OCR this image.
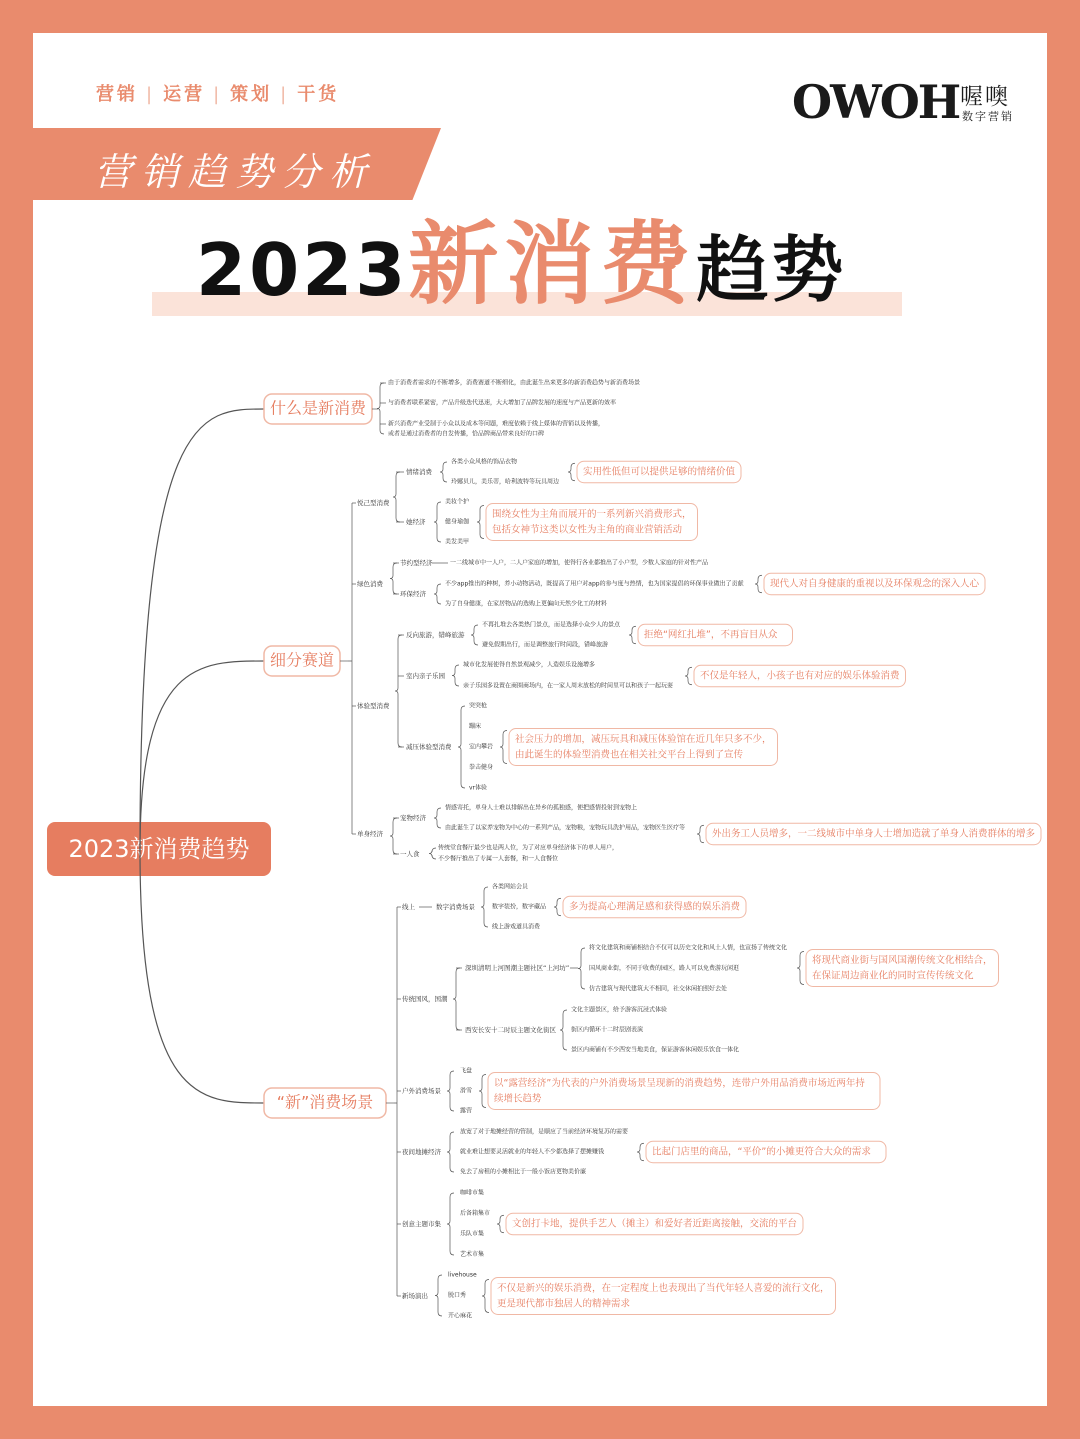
营销 | 运营 | 策划 | 干货	OWOH 喔噢
数字营销
营销趋势分析
2023新消费趋势
2023新消费趋势
什么是新消费
细分赛道
“新”消费场景
由于消费者需求的不断增多，消费赛道不断细化，由此诞生出来更多的新消费趋势与新消费场景
与消费者联系紧密，产品升级迭代迅速，大大增加了品牌发展的速度与产品更新的效率
新兴消费产业受制于小众以及成本等问题，难度依赖于线上媒体的营销以及传播，
或者是通过消费者的自发传播，恰品牌商品带来良好的口碑
悦己型消费
绿色消费
体验型消费
单身经济
情绪消费
各类小众风格的饰品衣物
玲娜贝儿，美乐蒂，哈利波特等玩具周边
实用性低但可以提供足够的情绪价值
她经济
美妆个护
健身瑜伽
美发美甲
围绕女性为主角而展开的一系列新兴消费形式，
包括女神节这类以女性为主角的商业营销活动
节约型经济	一二线城市中一人户，二人户家庭的增加，使得行各业都推出了小户型，少数人家庭的针对性产品
环保经济
不少app推出的种树，养小动物活动，既提高了用户对app的参与度与热情，也为国家提倡的环保事业做出了贡献
为了自身健康，在家居物品的选购上更偏向天然少化工的材料
现代人对自身健康的重视以及环保观念的深入人心
反向旅游，错峰旅游
不再扎堆去各类热门景点，而是选择小众少人的景点
避免假期出行，而是调整旅行时间段，错峰旅游
拒绝“网红扎堆”，不再盲目从众
室内亲子乐园
城市化发展使得自然景观减少，人造娱乐设施增多
亲子乐园多设置在商圈商场内，在一家人周末放松的时间里可以和孩子一起玩耍
不仅是年轻人，小孩子也有对应的娱乐体验消费
减压体验型消费
突突枪
蹦床
室内攀岩
拳击健身
vr体验
社会压力的增加，减压玩具和减压体验馆在近几年只多不少，
由此诞生的体验型消费也在相关社交平台上得到了宣传
宠物经济
情感寄托，单身人士难以排解出在异乡的孤独感，便把感情投射到宠物上
由此诞生了以家养宠物为中心的一系列产品，宠物粮，宠物玩具洗护用品，宠物医生医疗等
一人食
传统堂食餐厅最少也是两人位，为了对应单身经济体下的单人用户，
不少餐厅推出了专属一人套餐，和一人食餐位
外出务工人员增多，一二线城市中单身人士增加造就了单身人消费群体的增多
线上
传统国风，国潮
户外消费场景
夜间地摊经济
创意主题市集
新场演出
数字消费场景
各类网站会员
数字装扮，数字藏品
线上游戏道具消费
多为提高心理满足感和获得感的娱乐消费
深圳清明上河图潮主题社区“上河坊”
将文化建筑和商铺相结合不仅可以历史文化和风土人情，也宣扬了传统文化
国风商业街，不同于收费的园区，路人可以免费游玩闲逛
仿古建筑与现代建筑大不相同，社交休闲拍照好去处
将现代商业街与国风国潮传统文化相结合，
在保证周边商业化的同时宣传传统文化
西安长安十二时辰主题文化街区
文化主题景区，给予游客沉浸式体验
街区内循环十二时辰剧表演
景区内商铺有不少西安当地美食，保证游客休闲娱乐饮食一体化
飞盘
滑雪
露营
以“露营经济”为代表的户外消费场景呈现新的消费趋势，连带户外用品消费市场近两年持
续增长趋势
放宽了对于地摊经营的管制，是顺应了当前经济环境复苏的需要
就业难让想要灵活就业的年轻人不少都选择了摆摊赚钱
免去了房租的小摊相比于一般小饭店更物美价廉
比起门店里的商品，“平价”的小摊更符合大众的需求
咖啡市集
后备箱集市
乐队市集
艺术市集
文创打卡地，提供手艺人（摊主）和爱好者近距离接触，交流的平台
livehouse
脱口秀
开心麻花
不仅是新兴的娱乐消费，在一定程度上也表现出了当代年轻人喜爱的流行文化，
更是现代都市独居人的精神需求
